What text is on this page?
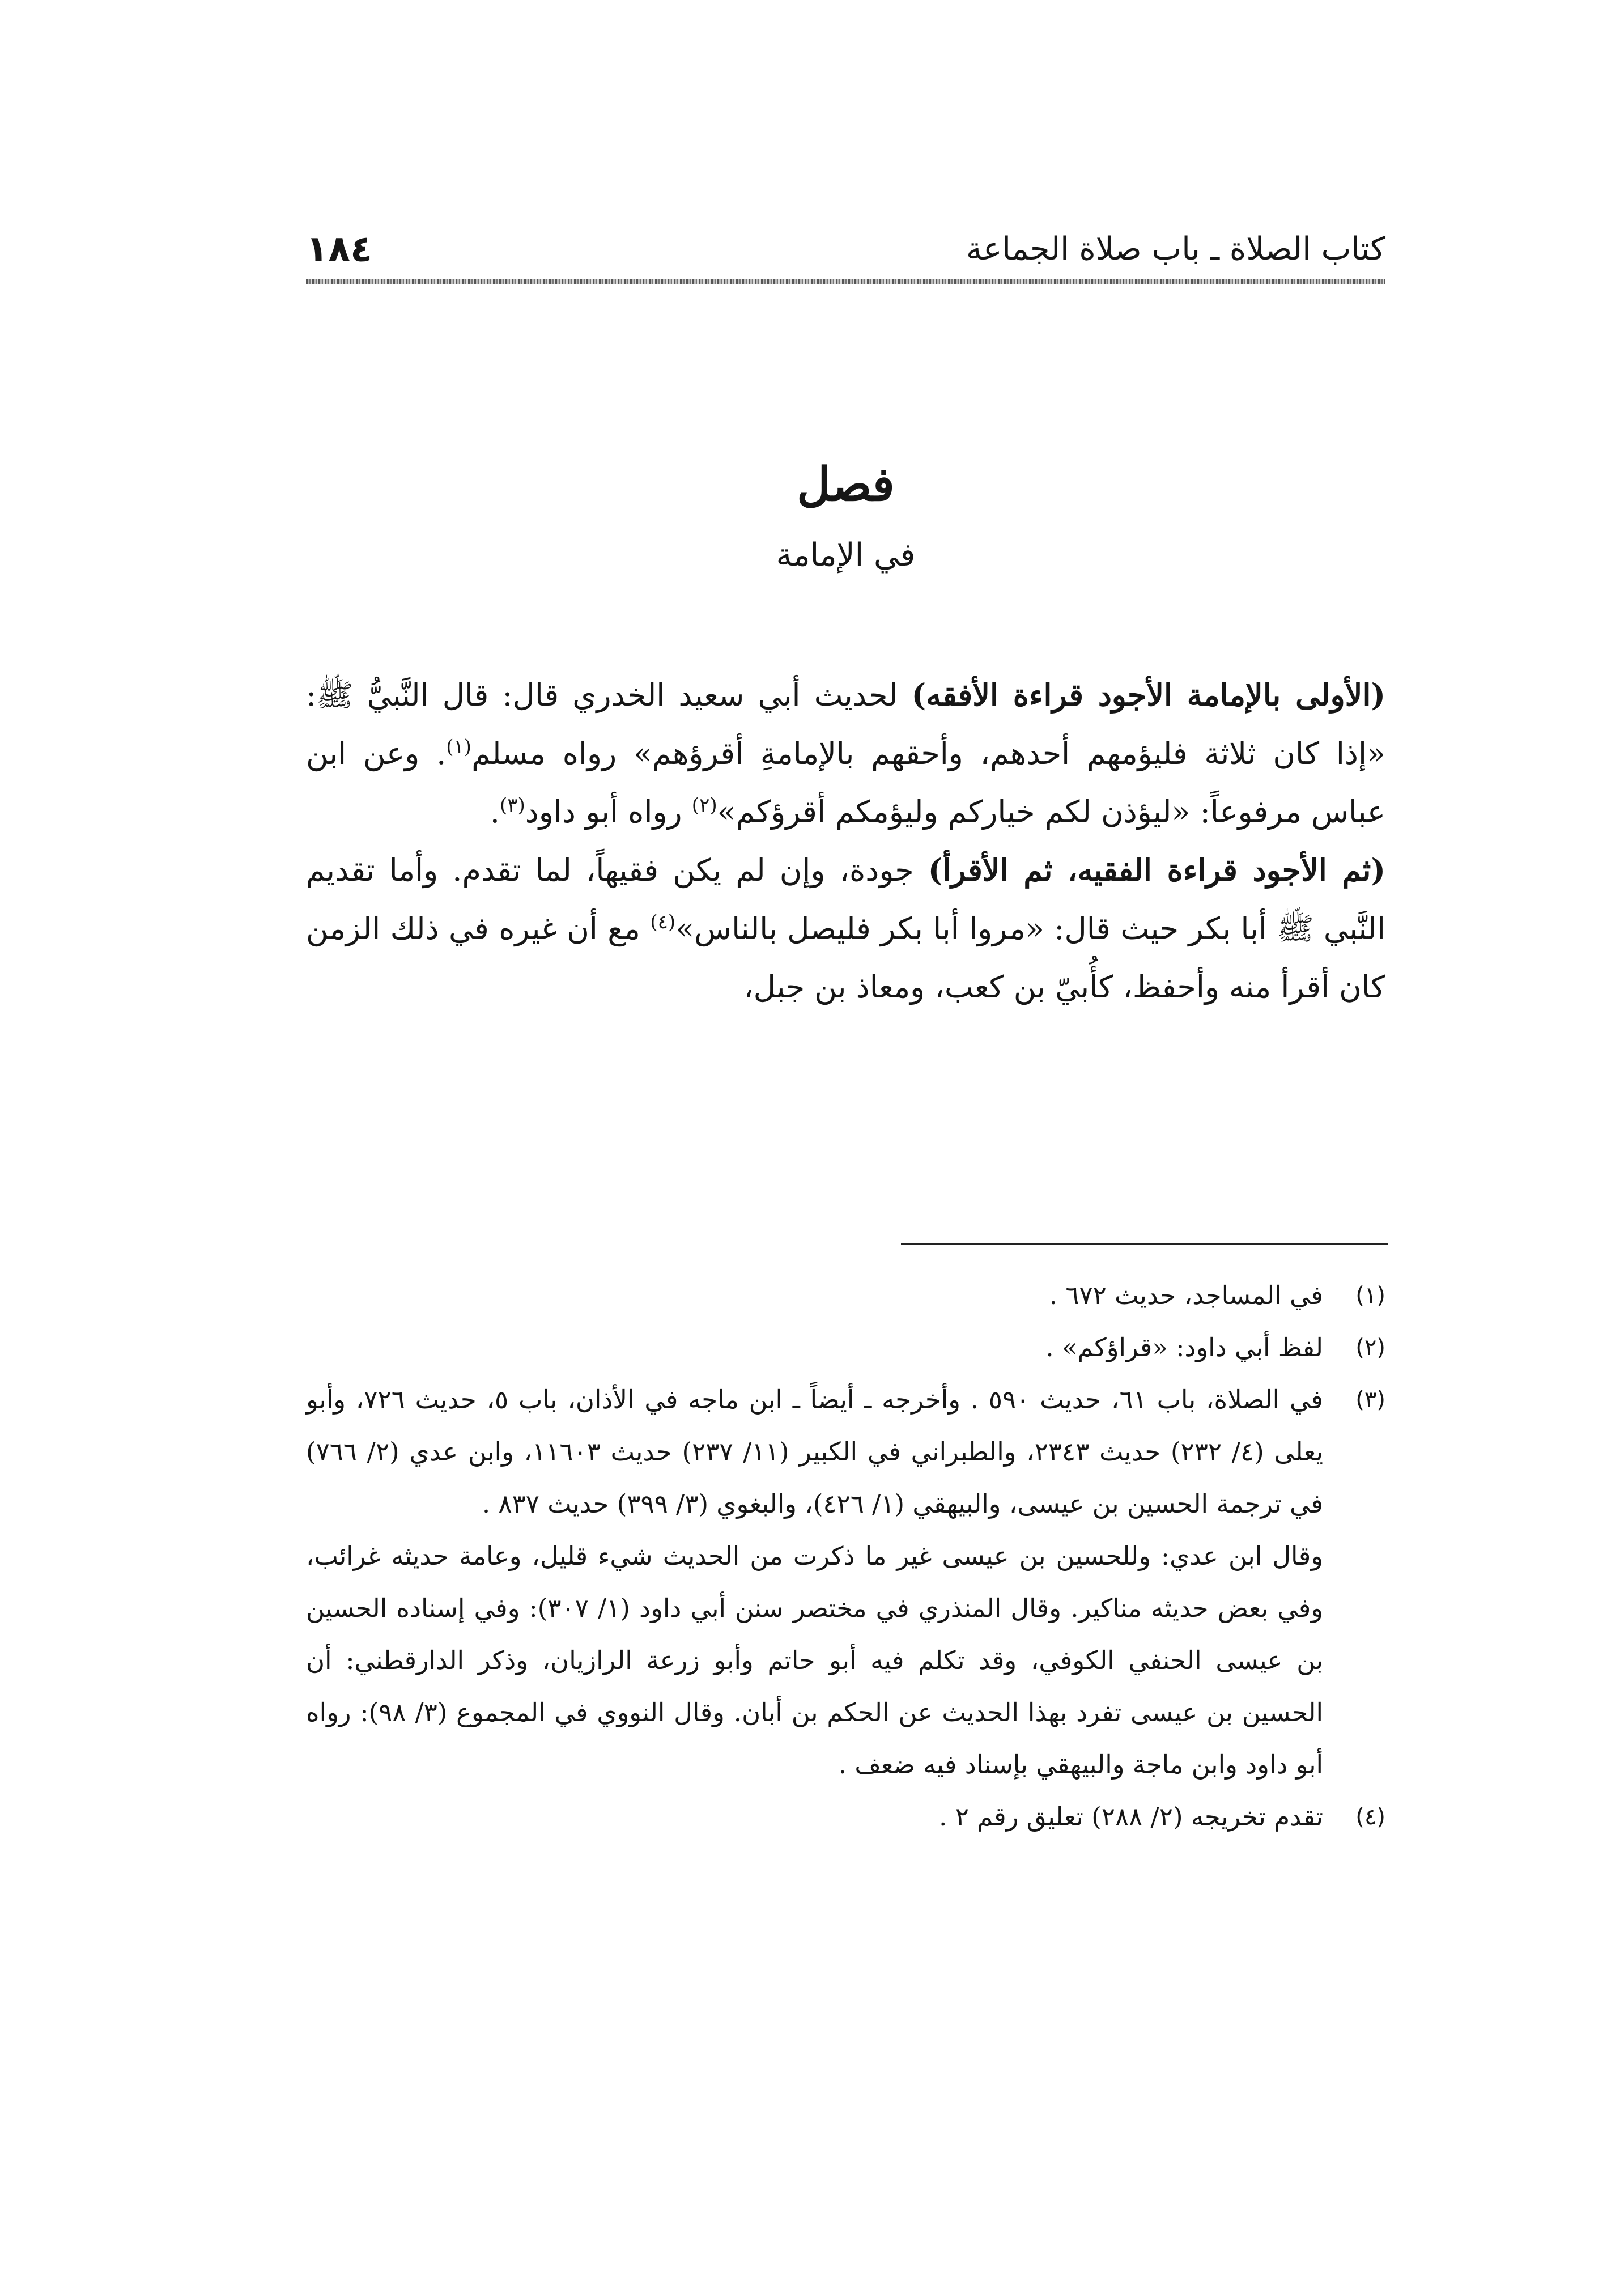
١٨٤	كتاب الصلاة ـ باب صلاة الجماعة
فصل
في الإمامة

(الأولى بالإمامة الأجود قراءة الأفقه) لحديث أبي سعيد الخدري قال: قال النَّبيُّ ﷺ: «إذا كان ثلاثة فليؤمهم أحدهم، وأحقهم بالإمامةِ أقرؤهم» رواه مسلم$^{(١)}$. وعن ابن عباس مرفوعاً: «ليؤذن لكم خياركم وليؤمكم أقرؤكم»$^{(٢)}$ رواه أبو داود$^{(٣)}$.

(ثم الأجود قراءة الفقيه، ثم الأقرأ) جودة، وإن لم يكن فقيهاً، لما تقدم. وأما تقديم النَّبي ﷺ أبا بكر حيث قال: «مروا أبا بكر فليصل بالناس»$^{(٤)}$ مع أن غيره في ذلك الزمن كان أقرأ منه وأحفظ، كأُبيّ بن كعب، ومعاذ بن جبل،

(١)
في المساجد، حديث ٦٧٢ .
(٢)
لفظ أبي داود: «قراؤكم» .
(٣)
في الصلاة، باب ٦١، حديث ٥٩٠ . وأخرجه ـ أيضاً ـ ابن ماجه في الأذان، باب ٥، حديث ٧٢٦، وأبو يعلى (٤/ ٢٣٢) حديث ٢٣٤٣، والطبراني في الكبير (١١/ ٢٣٧) حديث ١١٦٠٣، وابن عدي (٢/ ٧٦٦) في ترجمة الحسين بن عيسى، والبيهقي (١/ ٤٢٦)، والبغوي (٣/ ٣٩٩) حديث ٨٣٧ .
وقال ابن عدي: وللحسين بن عيسى غير ما ذكرت من الحديث شيء قليل، وعامة حديثه غرائب، وفي بعض حديثه مناكير. وقال المنذري في مختصر سنن أبي داود (١/ ٣٠٧): وفي إسناده الحسين بن عيسى الحنفي الكوفي، وقد تكلم فيه أبو حاتم وأبو زرعة الرازيان، وذكر الدارقطني: أن الحسين بن عيسى تفرد بهذا الحديث عن الحكم بن أبان. وقال النووي في المجموع (٣/ ٩٨): رواه أبو داود وابن ماجة والبيهقي بإسناد فيه ضعف .
(٤)
تقدم تخريجه (٢/ ٢٨٨) تعليق رقم ٢ .
